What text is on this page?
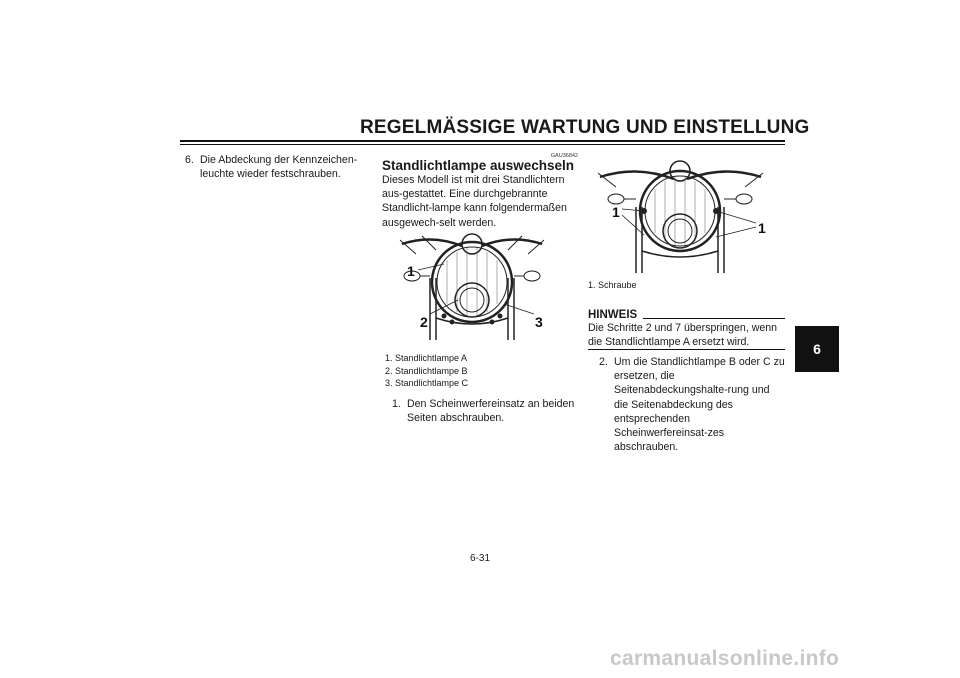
REGELMÄSSIGE WARTUNG UND EINSTELLUNG
6. Die Abdeckung der Kennzeichen-leuchte wieder festschrauben.
GAU36842
Standlichtlampe auswechseln
Dieses Modell ist mit drei Standlichtern aus-gestattet. Eine durchgebrannte Standlicht-lampe kann folgendermaßen ausgewech-selt werden.
1
2	3
1. Standlichtlampe A
2. Standlichtlampe B
3. Standlichtlampe C
1. Den Scheinwerfereinsatz an beiden Seiten abschrauben.
1
1
1. Schraube
HINWEIS
Die Schritte 2 und 7 überspringen, wenn die Standlichtlampe A ersetzt wird.
2. Um die Standlichtlampe B oder C zu ersetzen, die Seitenabdeckungshalte-rung und die Seitenabdeckung des entsprechenden Scheinwerfereinsat-zes abschrauben.
6
6-31
carmanualsonline.info
